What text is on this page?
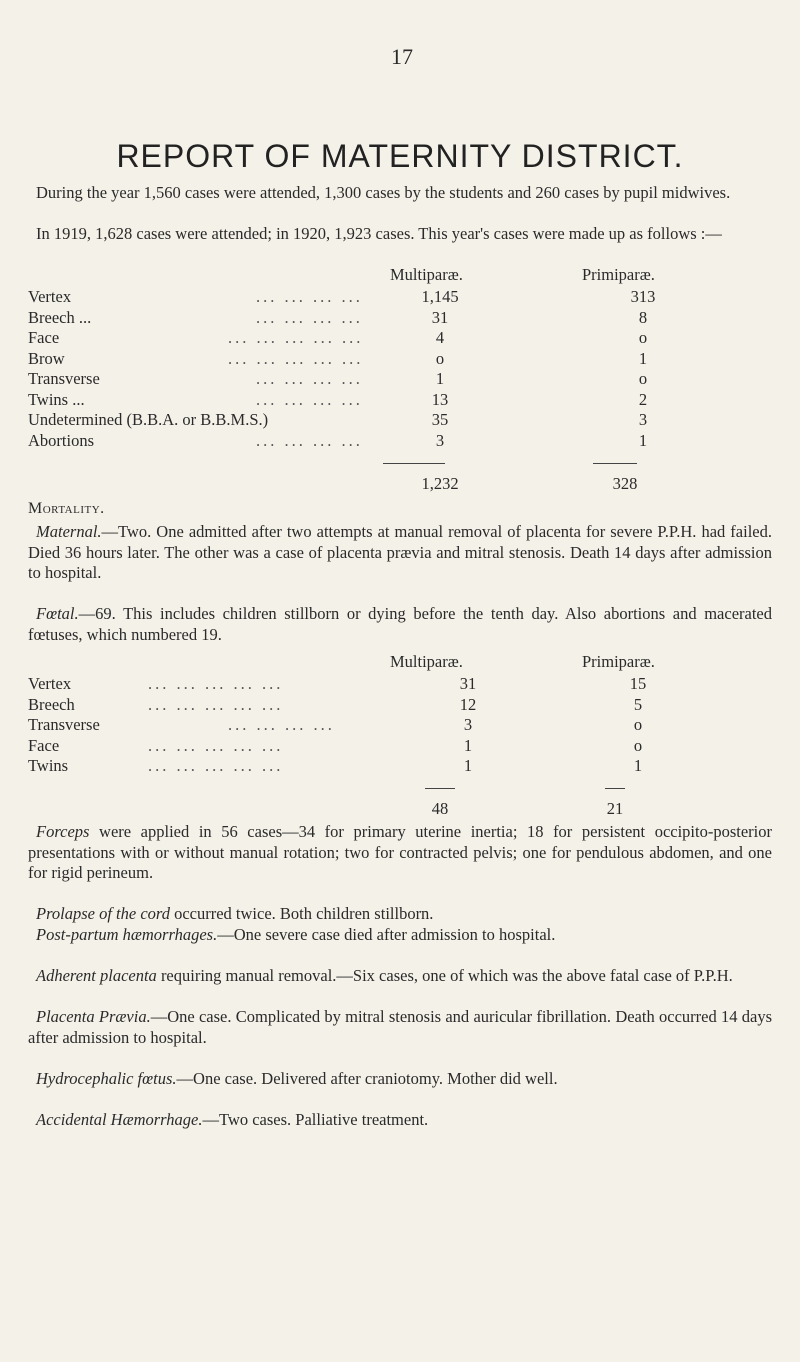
17
REPORT OF MATERNITY DISTRICT.
During the year 1,560 cases were attended, 1,300 cases by the students and 260 cases by pupil midwives.
In 1919, 1,628 cases were attended; in 1920, 1,923 cases. This year's cases were made up as follows :—
Multiparæ.	Primiparæ.
Vertex	... ... ... ...	1,145	313
Breech ...	... ... ... ...	31	8
Face	... ... ... ... ...	4	o
Brow	... ... ... ... ...	o	1
Transverse	... ... ... ...	1	o
Twins ...	... ... ... ...	13	2
Undetermined (B.B.A. or B.B.M.S.)	35	3
Abortions	... ... ... ...	3	1
1,232	328
Mortality.
Maternal.—Two. One admitted after two attempts at manual removal of placenta for severe P.P.H. had failed. Died 36 hours later. The other was a case of placenta prævia and mitral stenosis. Death 14 days after admission to hospital.
Fœtal.—69. This includes children stillborn or dying before the tenth day. Also abortions and macerated fœtuses, which numbered 19.
Multiparæ.	Primiparæ.
Vertex	... ... ... ... ...	31	15
Breech	... ... ... ... ...	12	5
Transverse	... ... ... ...	3	o
Face	... ... ... ... ...	1	o
Twins	... ... ... ... ...	1	1
48	21
Forceps were applied in 56 cases—34 for primary uterine inertia; 18 for persistent occipito-posterior presentations with or without manual rotation; two for contracted pelvis; one for pendulous abdomen, and one for rigid perineum.
Prolapse of the cord occurred twice. Both children stillborn.
Post-partum hæmorrhages.—One severe case died after admission to hospital.
Adherent placenta requiring manual removal.—Six cases, one of which was the above fatal case of P.P.H.
Placenta Prævia.—One case. Complicated by mitral stenosis and auricular fibrillation. Death occurred 14 days after admission to hospital.
Hydrocephalic fœtus.—One case. Delivered after craniotomy. Mother did well.
Accidental Hæmorrhage.—Two cases. Palliative treatment.
